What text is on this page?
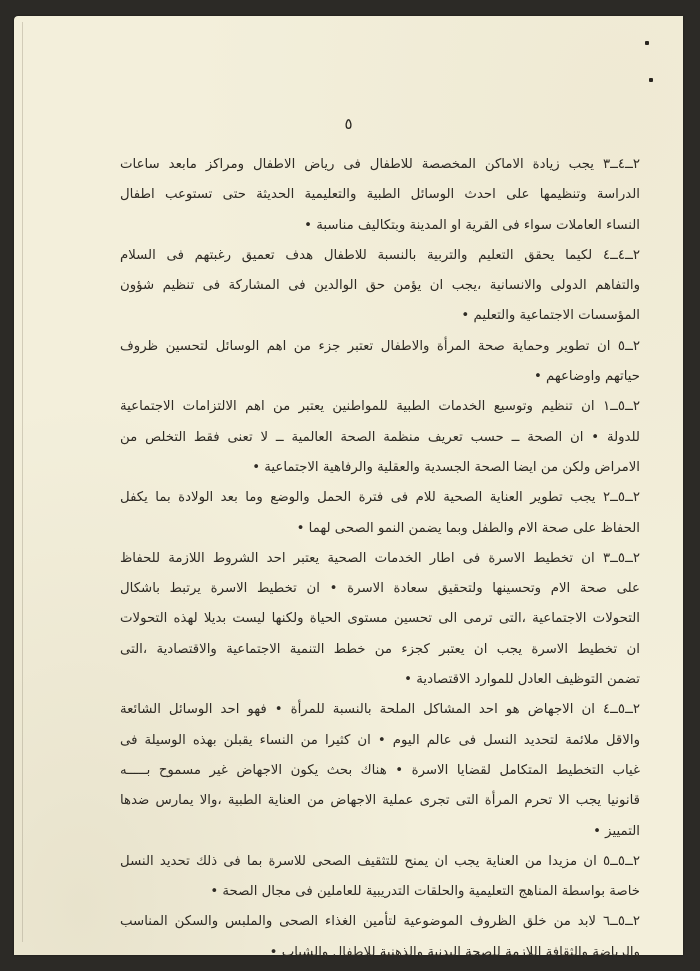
٥
٢ــ٤ــ٣ يجب زيادة الاماكن المخصصة للاطفال فى رياض الاطفال ومراكز مابعد ساعات
الدراسة وتنظيمها على احدث الوسائل الطبية والتعليمية الحديثة حتى تستوعب اطفال
النساء العاملات سواء فى القرية او المدينة وبتكاليف مناسبة •
٢ــ٤ــ٤ لكيما يحقق التعليم والتربية بالنسبة للاطفال هدف تعميق رغبتهم فى السلام
والتفاهم الدولى والانسانية ،يجب ان يؤمن حق الوالدين فى المشاركة فى تنظيم شؤون
المؤسسات الاجتماعية والتعليم •
٢ــ٥ ان تطوير وحماية صحة المرأة والاطفال تعتبر جزء من اهم الوسائل لتحسين ظروف
حياتهم واوضاعهم •
٢ــ٥ــ١ ان تنظيم وتوسيع الخدمات الطبية للمواطنين يعتبر من اهم الالتزامات الاجتماعية
للدولة • ان الصحة ــ حسب تعريف منظمة الصحة العالمية ــ لا تعنى فقط التخلص من
الامراض ولكن من ايضا الصحة الجسدية والعقلية والرفاهية الاجتماعية •
٢ــ٥ــ٢ يجب تطوير العناية الصحية للام فى فترة الحمل والوضع وما بعد الولادة بما يكفل
الحفاظ على صحة الام والطفل وبما يضمن النمو الصحى لهما •
٢ــ٥ــ٣ ان تخطيط الاسرة فى اطار الخدمات الصحية يعتبر احد الشروط اللازمة للحفاظ
على صحة الام وتحسينها ولتحقيق سعادة الاسرة • ان تخطيط الاسرة يرتبط باشكال
التحولات الاجتماعية ،التى ترمى الى تحسين مستوى الحياة ولكنها ليست بديلا لهذه التحولات
ان تخطيط الاسرة يجب ان يعتبر كجزء من خطط التنمية الاجتماعية والاقتصادية ،التى
تضمن التوظيف العادل للموارد الاقتصادية •
٢ــ٥ــ٤ ان الاجهاض هو احد المشاكل الملحة بالنسبة للمرأة • فهو احد الوسائل الشائعة
والاقل ملائمة لتحديد النسل فى عالم اليوم • ان كثيرا من النساء يقبلن بهذه الوسيلة فى
غياب التخطيط المتكامل لقضايا الاسرة • هناك بحث يكون الاجهاض غير مسموح بـــــه
قانونيا يجب الا تحرم المرأة التى تجرى عملية الاجهاض من العناية الطبية ،والا يمارس ضدها
التمييز •
٢ــ٥ــ٥ ان مزيدا من العناية يجب ان يمنح للتثقيف الصحى للاسرة بما فى ذلك تحديد النسل
خاصة بواسطة المناهج التعليمية والحلقات التدريبية للعاملين فى مجال الصحة •
٢ــ٥ــ٦ لابد من خلق الظروف الموضوعية لتأمين الغذاء الصحى والملبس والسكن المناسب
والرياضة والثقافة اللازمة للصحة البدنية والذهنية للاطفال والشباب •
